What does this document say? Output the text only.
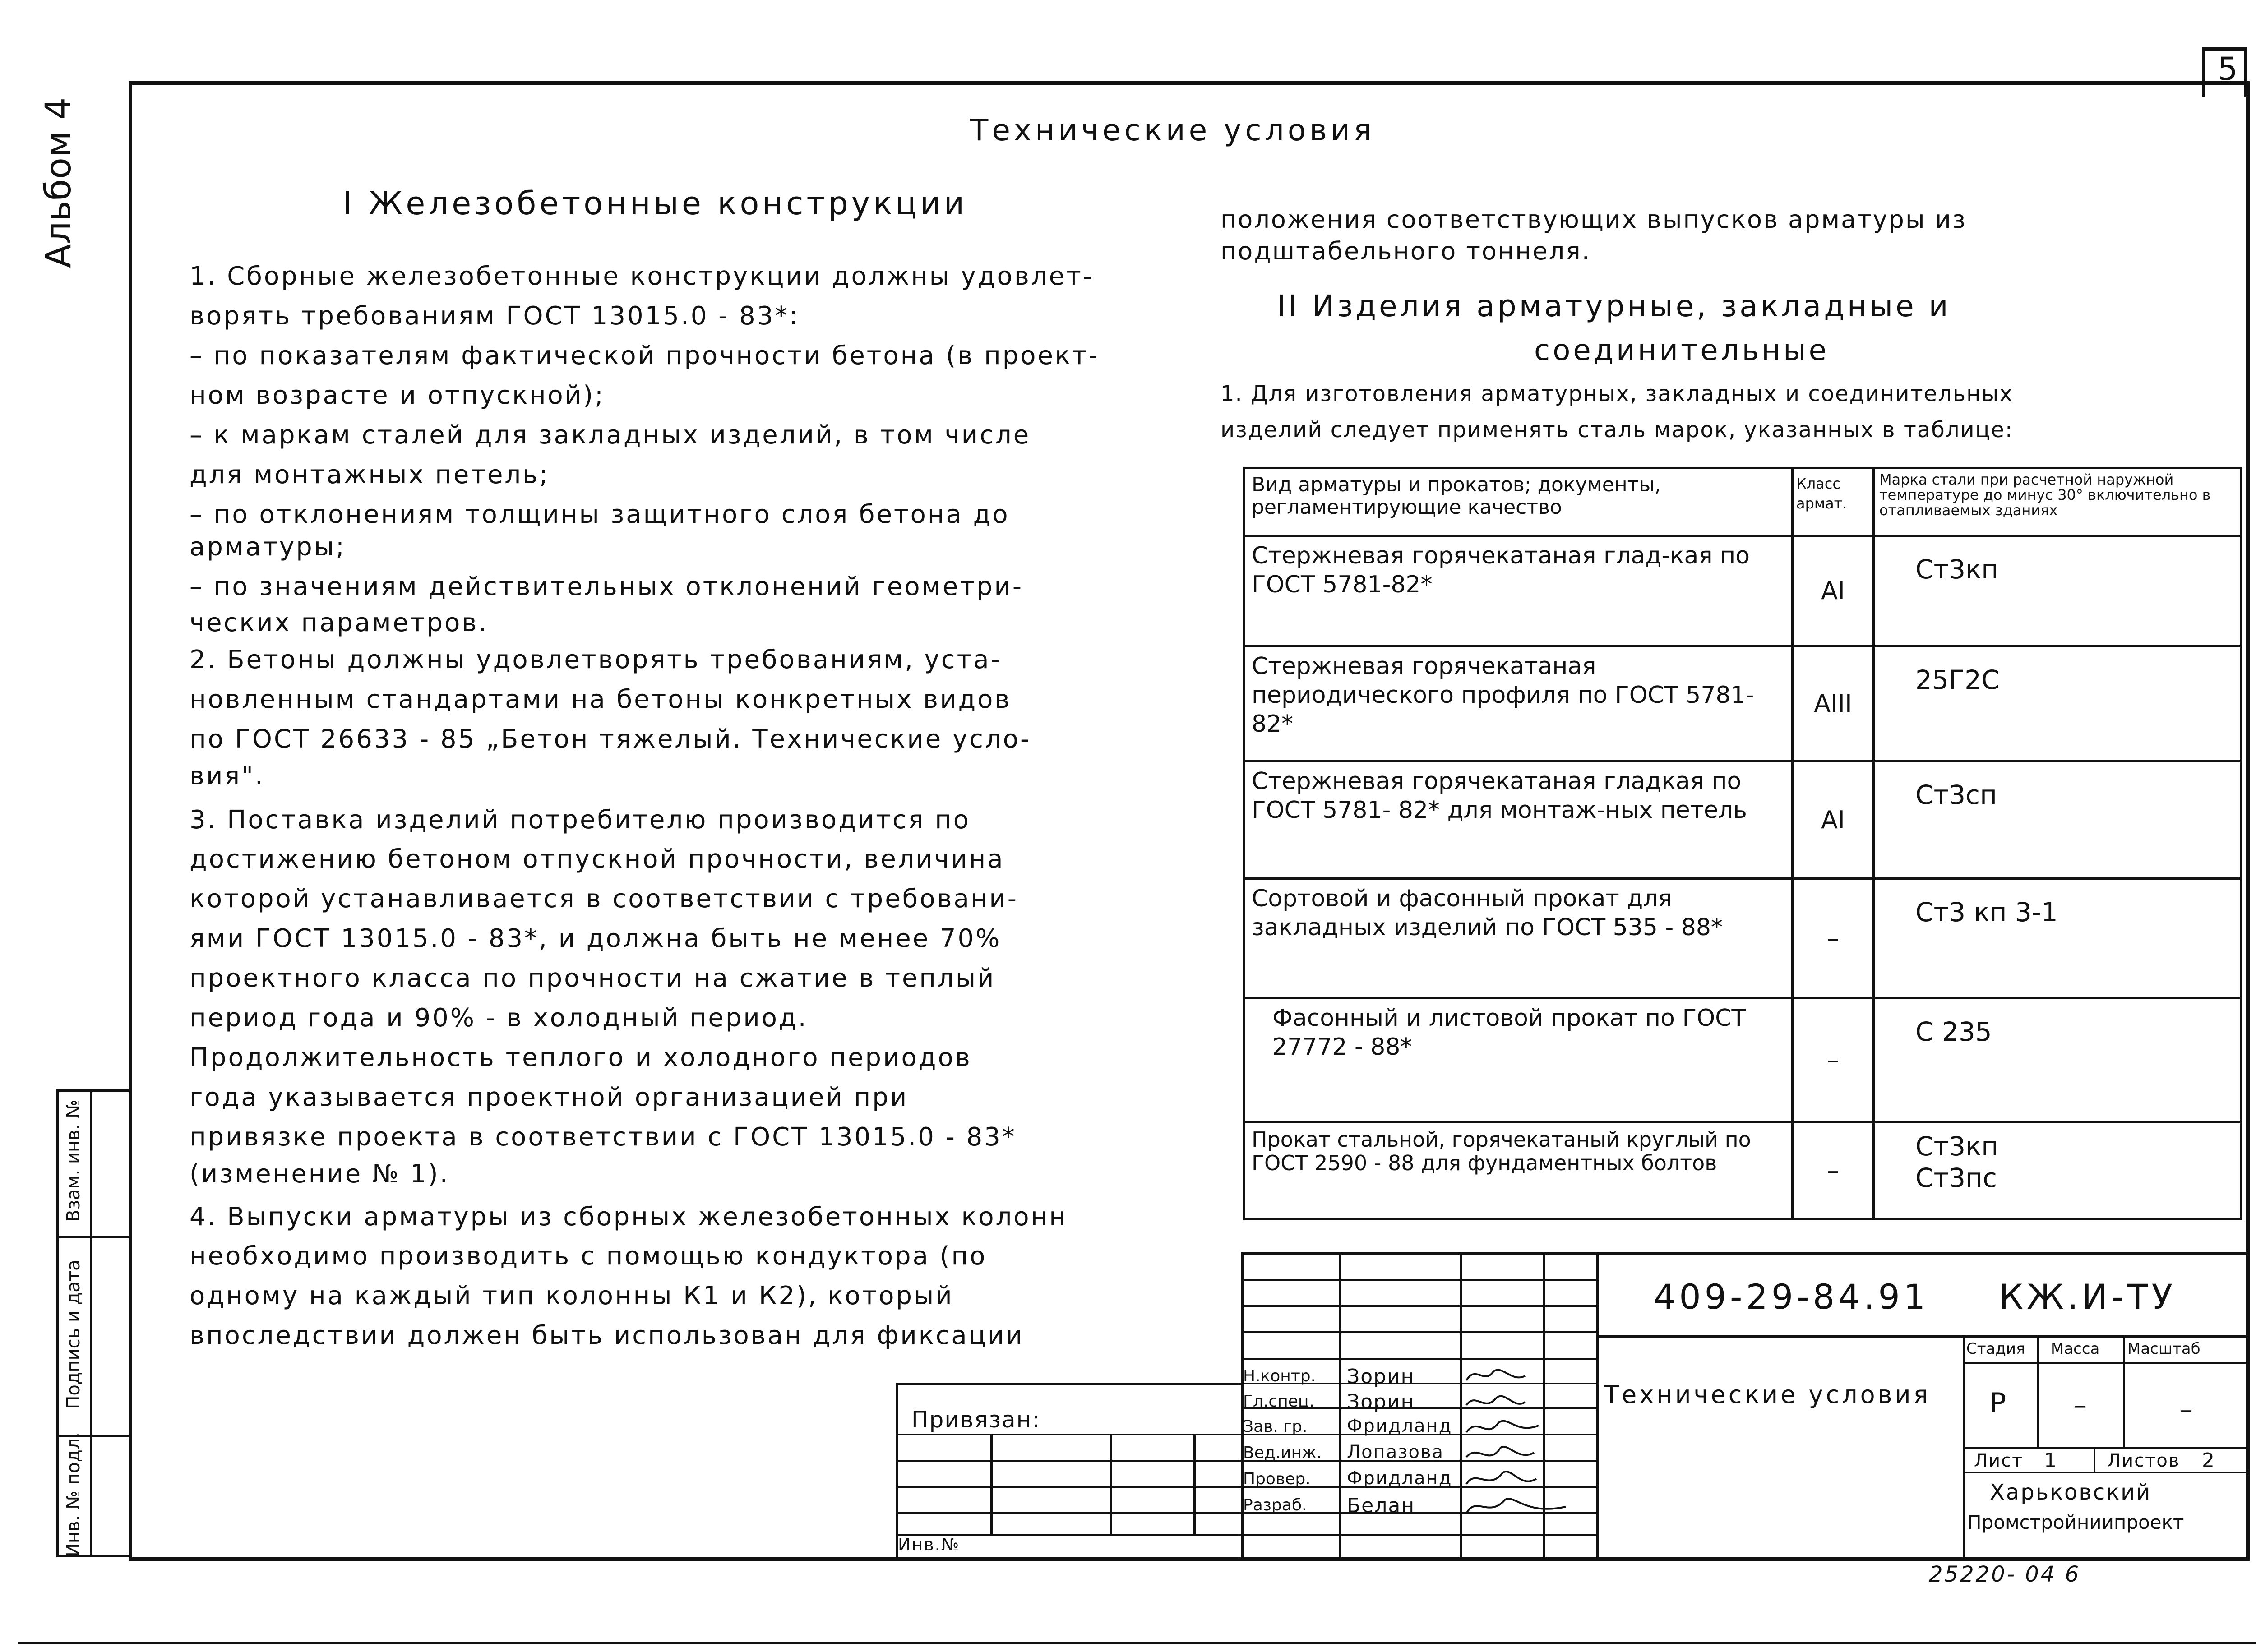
5
Альбом 4
Взам. инв. №
Подпись и дата
Инв. № подл.
Технические условия
I Железобетонные конструкции
1. Сборные железобетонные конструкции должны удовлет-
ворять требованиям ГОСТ 13015.0 - 83*:
– по показателям фактической прочности бетона (в проект-
ном возрасте и отпускной);
– к маркам сталей для закладных изделий, в том числе
для монтажных петель;
– по отклонениям толщины защитного слоя бетона до
арматуры;
– по значениям действительных отклонений геометри-
ческих параметров.
2. Бетоны должны удовлетворять требованиям, уста-
новленным стандартами на бетоны конкретных видов
по ГОСТ 26633 - 85 „Бетон тяжелый. Технические усло-
вия".
3. Поставка изделий потребителю производится по
достижению бетоном отпускной прочности, величина
которой устанавливается в соответствии с требовани-
ями ГОСТ 13015.0 - 83*, и должна быть не менее 70%
проектного класса по прочности на сжатие в теплый
период года и 90% - в холодный период.
Продолжительность теплого и холодного периодов
года указывается проектной организацией при
привязке проекта в соответствии с ГОСТ 13015.0 - 83*
(изменение № 1).
4. Выпуски арматуры из сборных железобетонных колонн
необходимо производить с помощью кондуктора (по
одному на каждый тип колонны К1 и К2), который
впоследствии должен быть использован для фиксации
положения соответствующих выпусков арматуры из
подштабельного тоннеля.
II Изделия арматурные, закладные и
соединительные
1. Для изготовления арматурных, закладных и соединительных
изделий следует применять сталь марок, указанных в таблице:
Вид арматуры и прокатов; документы, регламентирующие качество	Класс армат.	Марка стали при расчетной наружной температуре до минус 30° включительно в отапливаемых зданиях
Стержневая горячекатаная глад-кая по ГОСТ 5781-82*	AI	Ст3кп
Стержневая горячекатаная периодического профиля по ГОСТ 5781- 82*	AIII	25Г2С
Стержневая горячекатаная гладкая по ГОСТ 5781- 82* для монтаж-ных петель	AI	Ст3сп
Сортовой и фасонный прокат для закладных изделий по ГОСТ 535 - 88*	–	Ст3 кп 3-1
Фасонный и листовой прокат по ГОСТ 27772 - 88*	–	С 235
Прокат стальной, горячекатаный круглый по ГОСТ 2590 - 88 для фундаментных болтов	–	Ст3кп
Ст3пс
Н.контр. Зорин
Гл.спец. Зорин
Зав. гр. Фридланд
Вед.инж. Лопазова
Провер. Фридланд
Разраб. Белан
Привязан:
Инв.№
409-29-84.91 КЖ.И-ТУ
Технические условия
Стадия Масса Масштаб
Р –	–
Лист 1	Листов 2
Харьковский
Промстройниипроект
25220- 04 6
